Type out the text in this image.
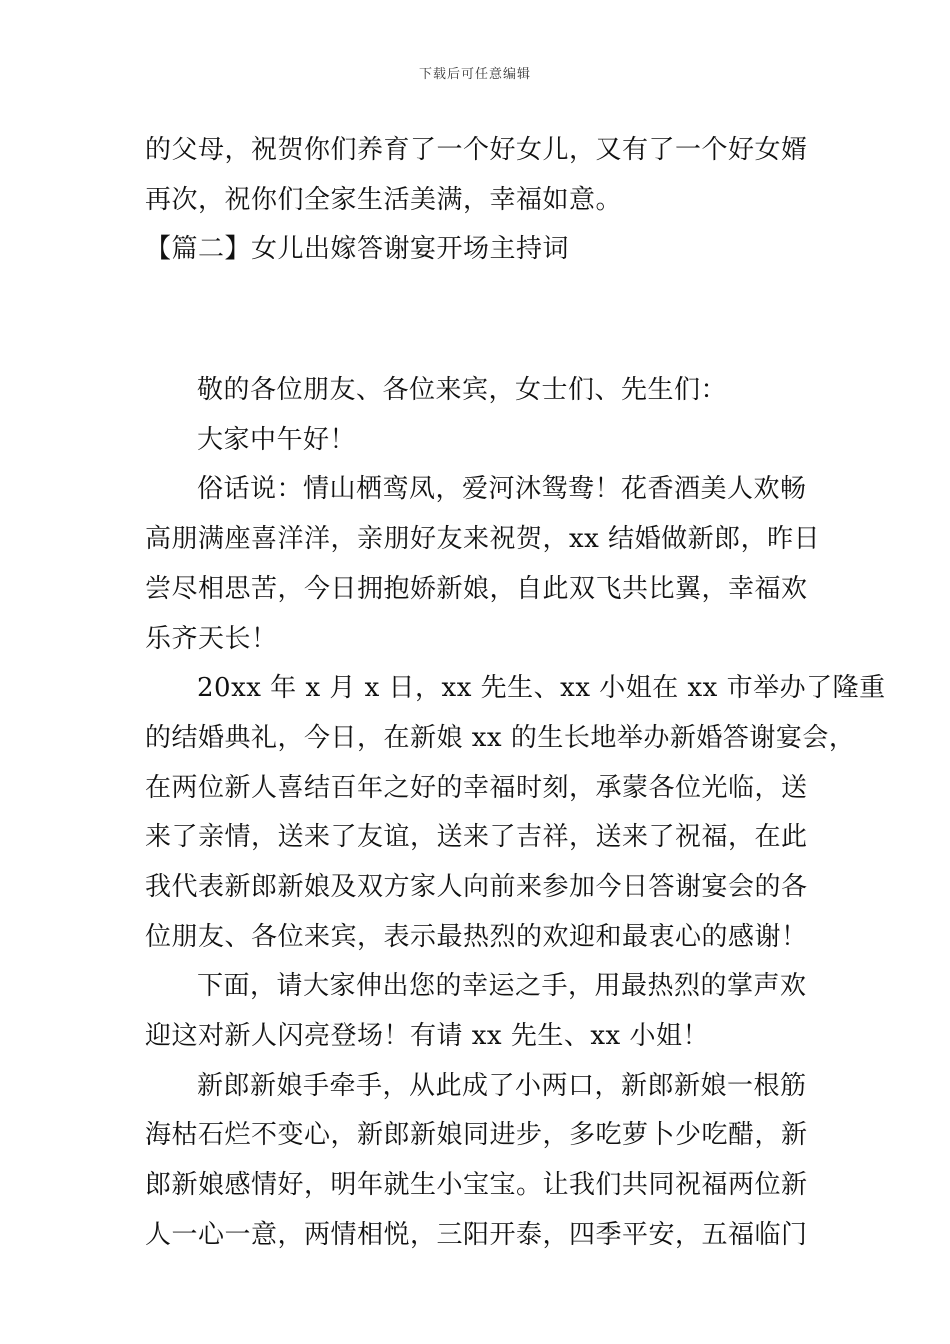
下载后可任意编辑
的父母，祝贺你们养育了一个好女儿，又有了一个好女婿
再次，祝你们全家生活美满，幸福如意。
【篇二】女儿出嫁答谢宴开场主持词
敬的各位朋友、各位来宾，女士们、先生们：
大家中午好！
俗话说：情山栖鸾凤，爱河沐鸳鸯！花香酒美人欢畅
高朋满座喜洋洋，亲朋好友来祝贺，xx 结婚做新郎，昨日
尝尽相思苦，今日拥抱娇新娘，自此双飞共比翼，幸福欢
乐齐天长！
20xx 年 x 月 x 日，xx 先生、xx 小姐在 xx 市举办了隆重
的结婚典礼，今日，在新娘 xx 的生长地举办新婚答谢宴会，
在两位新人喜结百年之好的幸福时刻，承蒙各位光临，送
来了亲情，送来了友谊，送来了吉祥，送来了祝福，在此
我代表新郎新娘及双方家人向前来参加今日答谢宴会的各
位朋友、各位来宾，表示最热烈的欢迎和最衷心的感谢！
下面，请大家伸出您的幸运之手，用最热烈的掌声欢
迎这对新人闪亮登场！有请 xx 先生、xx 小姐！
新郎新娘手牵手，从此成了小两口，新郎新娘一根筋
海枯石烂不变心，新郎新娘同进步，多吃萝卜少吃醋，新
郎新娘感情好，明年就生小宝宝。让我们共同祝福两位新
人一心一意，两情相悦，三阳开泰，四季平安，五福临门
